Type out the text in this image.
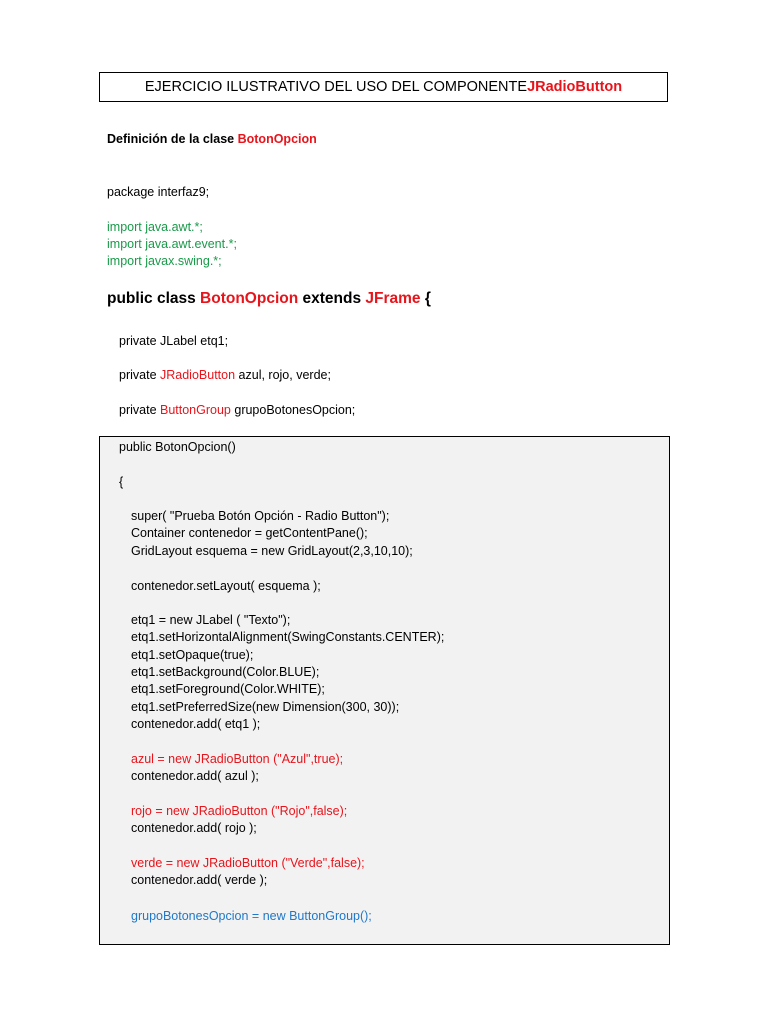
EJERCICIO ILUSTRATIVO DEL USO DEL COMPONENTE JRadioButton
Definición de la clase BotonOpcion
package interfaz9;
import java.awt.*;
import java.awt.event.*;
import javax.swing.*;
public class BotonOpcion extends JFrame {
private JLabel etq1;
private JRadioButton azul, rojo, verde;
private ButtonGroup grupoBotonesOpcion;
public BotonOpcion()
{
super( "Prueba Botón Opción - Radio Button");
Container contenedor = getContentPane();
GridLayout esquema = new GridLayout(2,3,10,10);
contenedor.setLayout( esquema );
etq1 = new JLabel ( "Texto");
etq1.setHorizontalAlignment(SwingConstants.CENTER);
etq1.setOpaque(true);
etq1.setBackground(Color.BLUE);
etq1.setForeground(Color.WHITE);
etq1.setPreferredSize(new Dimension(300, 30));
contenedor.add( etq1 );
azul = new JRadioButton ("Azul",true);
contenedor.add( azul );
rojo = new JRadioButton ("Rojo",false);
contenedor.add( rojo );
verde = new JRadioButton ("Verde",false);
contenedor.add( verde );
grupoBotonesOpcion = new ButtonGroup();
